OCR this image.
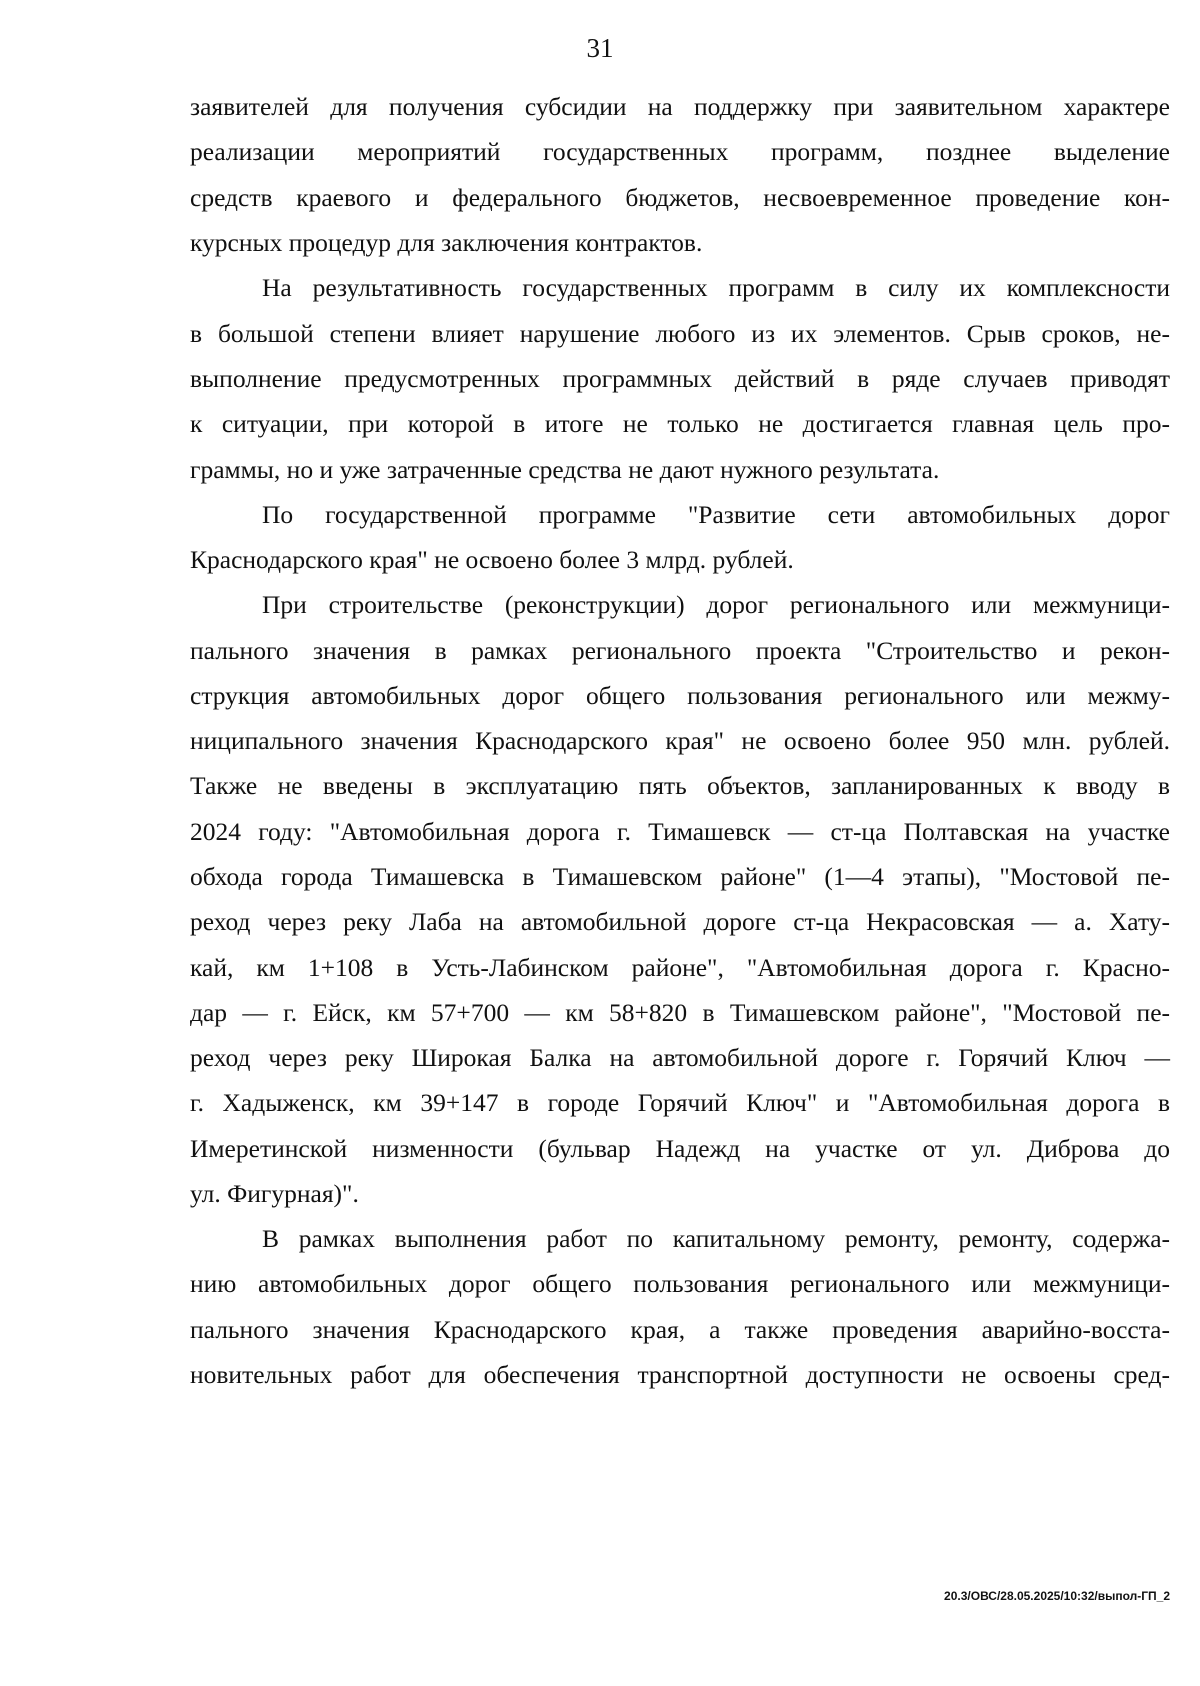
31
заявителей для получения субсидии на поддержку при заявительном характере
реализации мероприятий государственных программ, позднее выделение
средств краевого и федерального бюджетов, несвоевременное проведение кон-
курсных процедур для заключения контрактов.
На результативность государственных программ в силу их комплексности
в большой степени влияет нарушение любого из их элементов. Срыв сроков, не-
выполнение предусмотренных программных действий в ряде случаев приводят
к ситуации, при которой в итоге не только не достигается главная цель про-
граммы, но и уже затраченные средства не дают нужного результата.
По государственной программе "Развитие сети автомобильных дорог
Краснодарского края" не освоено более 3 млрд. рублей.
При строительстве (реконструкции) дорог регионального или межмуници-
пального значения в рамках регионального проекта "Строительство и рекон-
струкция автомобильных дорог общего пользования регионального или межму-
ниципального значения Краснодарского края" не освоено более 950 млн. рублей.
Также не введены в эксплуатацию пять объектов, запланированных к вводу в
2024 году: "Автомобильная дорога г. Тимашевск — ст-ца Полтавская на участке
обхода города Тимашевска в Тимашевском районе" (1—4 этапы), "Мостовой пе-
реход через реку Лаба на автомобильной дороге ст-ца Некрасовская — а. Хату-
кай, км 1+108 в Усть-Лабинском районе", "Автомобильная дорога г. Красно-
дар — г. Ейск, км 57+700 — км 58+820 в Тимашевском районе", "Мостовой пе-
реход через реку Широкая Балка на автомобильной дороге г. Горячий Ключ —
г. Хадыженск, км 39+147 в городе Горячий Ключ" и "Автомобильная дорога в
Имеретинской низменности (бульвар Надежд на участке от ул. Диброва до
ул. Фигурная)".
В рамках выполнения работ по капитальному ремонту, ремонту, содержа-
нию автомобильных дорог общего пользования регионального или межмуници-
пального значения Краснодарского края, а также проведения аварийно-восста-
новительных работ для обеспечения транспортной доступности не освоены сред-
20.3/ОВС/28.05.2025/10:32/выпол-ГП_2
